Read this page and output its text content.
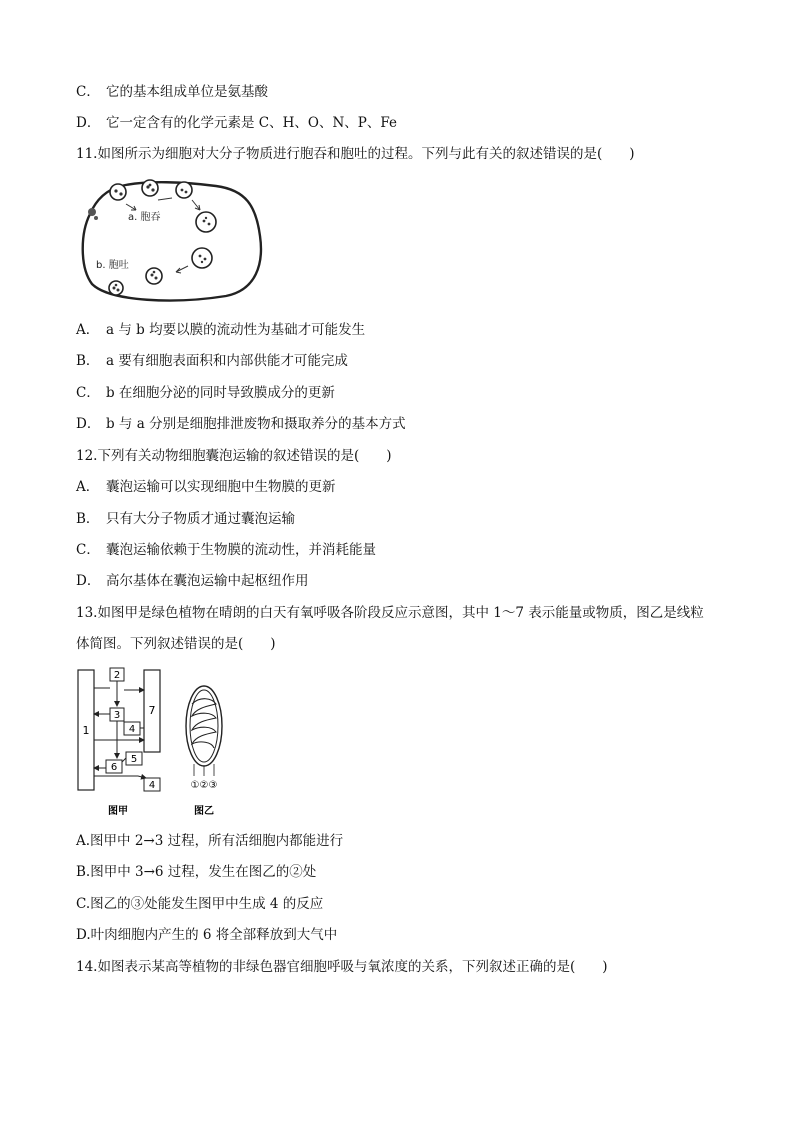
C． 它的基本组成单位是氨基酸
D． 它一定含有的化学元素是 C、H、O、N、P、Fe
11.如图所示为细胞对大分子物质进行胞吞和胞吐的过程。下列与此有关的叙述错误的是(　　)
a. 胞吞
b. 胞吐
A． a 与 b 均要以膜的流动性为基础才可能发生
B． a 要有细胞表面积和内部供能才可能完成
C． b 在细胞分泌的同时导致膜成分的更新
D． b 与 a 分别是细胞排泄废物和摄取养分的基本方式
12.下列有关动物细胞囊泡运输的叙述错误的是(　　)
A． 囊泡运输可以实现细胞中生物膜的更新
B． 只有大分子物质才通过囊泡运输
C． 囊泡运输依赖于生物膜的流动性，并消耗能量
D． 高尔基体在囊泡运输中起枢纽作用
13.如图甲是绿色植物在晴朗的白天有氧呼吸各阶段反应示意图，其中 1～7 表示能量或物质，图乙是线粒
体简图。下列叙述错误的是(　　)
1
7
2
3
4
5
6
4
图甲
①②③
图乙
A.图甲中 2→3 过程，所有活细胞内都能进行
B.图甲中 3→6 过程，发生在图乙的②处
C.图乙的③处能发生图甲中生成 4 的反应
D.叶肉细胞内产生的 6 将全部释放到大气中
14.如图表示某高等植物的非绿色器官细胞呼吸与氧浓度的关系，下列叙述正确的是(　　)
